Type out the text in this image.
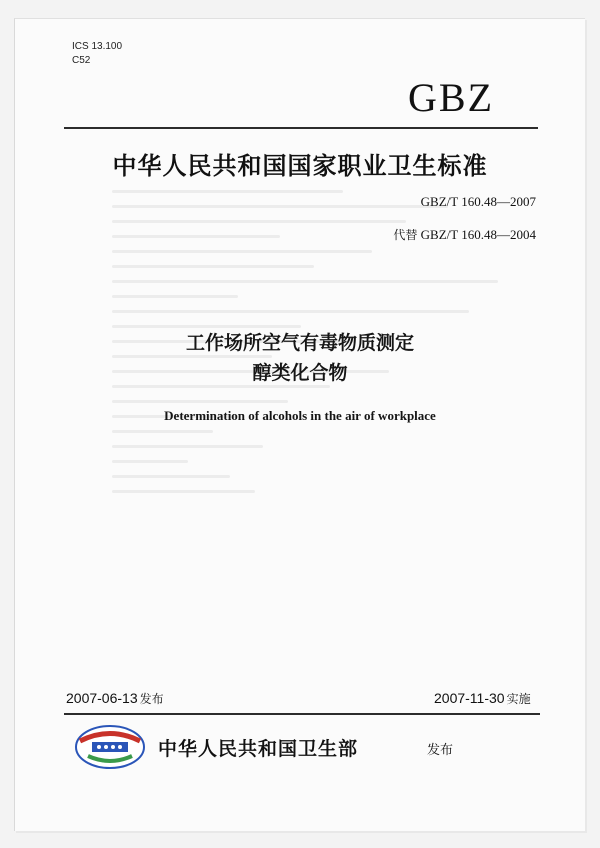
ICS 13.100
C52
GBZ
中华人民共和国国家职业卫生标准
GBZ/T 160.48—2007
代替 GBZ/T 160.48—2004
工作场所空气有毒物质测定
醇类化合物
Determination of alcohols in the air of workplace
2007-06-13 发布	2007-11-30 实施
中华人民共和国卫生部	发布
